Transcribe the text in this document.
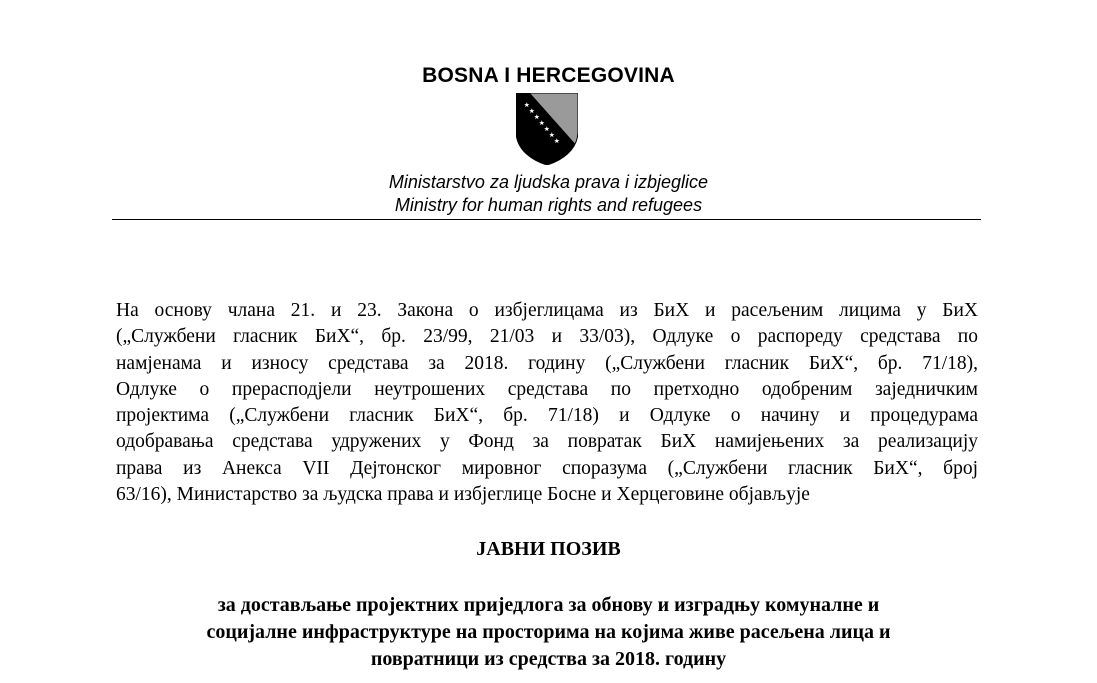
BOSNA I HERCEGOVINA
Ministarstvo za ljudska prava i izbjeglice
Ministry for human rights and refugees
На основу члана 21. и 23. Закона о избјеглицама из БиХ и расељеним лицима у БиХ
(„Службени гласник БиХ“, бр. 23/99, 21/03 и 33/03), Одлуке о распореду средстава по
намјенама и износу средстава за 2018. годину („Службени гласник БиХ“, бр. 71/18),
Одлуке о прерасподјели неутрошених средстава по претходно одобреним заједничким
пројектима („Службени гласник БиХ“, бр. 71/18) и Одлуке о начину и процедурама
одобравања средстава удружених у Фонд за повратак БиХ намијењених за реализацију
права из Анекса VII Дејтонског мировног споразума („Службени гласник БиХ“, број
63/16), Министарство за људска права и избјеглице Босне и Херцеговине објављује
ЈАВНИ ПОЗИВ
за достављање пројектних приједлога за обнову и изградњу комуналне и
социјалне инфраструктуре на просторима на којима живе расељена лица и
повратници из средства за 2018. годину
